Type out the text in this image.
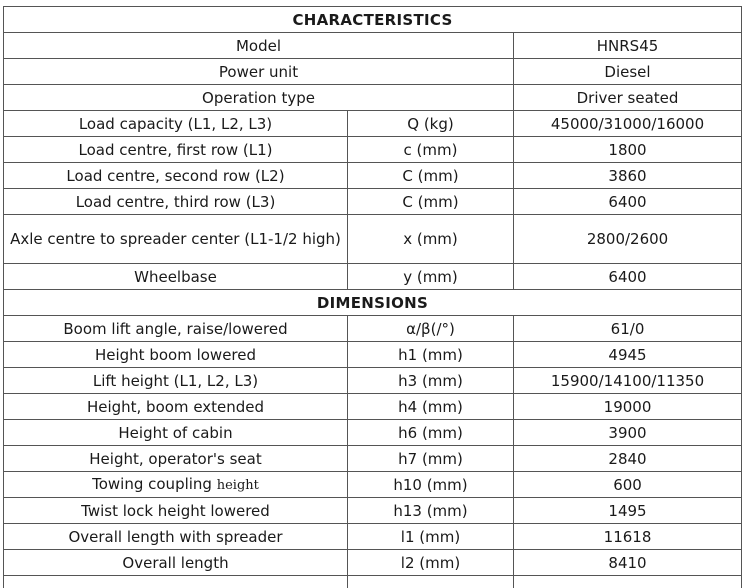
CHARACTERISTICS		
Model		HNRS45
Power unit		Diesel
Operation type		Driver seated
Load capacity (L1, L2, L3)	Q (kg)	45000/31000/16000
Load centre, first row (L1)	c (mm)	1800
Load centre, second row (L2)	C (mm)	3860
Load centre, third row (L3)	C (mm)	6400
Axle centre to spreader center (L1-1/2 high)	x (mm)	2800/2600
Wheelbase	y (mm)	6400
DIMENSIONS		
Boom lift angle, raise/lowered	α/β(/°)	61/0
Height boom lowered	h1 (mm)	4945
Lift height (L1, L2, L3)	h3 (mm)	15900/14100/11350
Height, boom extended	h4 (mm)	19000
Height of cabin	h6 (mm)	3900
Height, operator's seat	h7 (mm)	2840
Towing coupling height	h10 (mm)	600
Twist lock height lowered	h13 (mm)	1495
Overall length with spreader	l1 (mm)	11618
Overall length	l2 (mm)	8410
